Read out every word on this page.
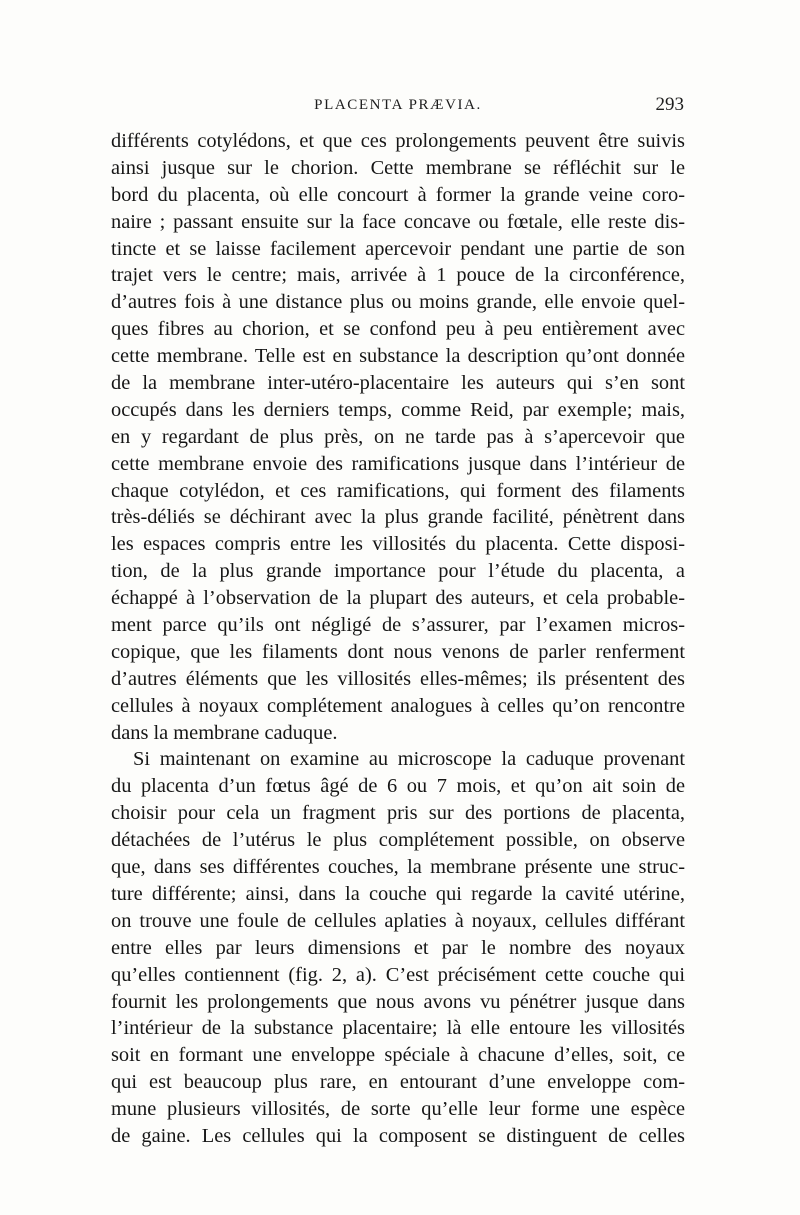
PLACENTA PRÆVIA.	293
différents cotylédons, et que ces prolongements peuvent être suivis
ainsi jusque sur le chorion. Cette membrane se réfléchit sur le
bord du placenta, où elle concourt à former la grande veine coro-
naire ; passant ensuite sur la face concave ou fœtale, elle reste dis-
tincte et se laisse facilement apercevoir pendant une partie de son
trajet vers le centre; mais, arrivée à 1 pouce de la circonférence,
d’autres fois à une distance plus ou moins grande, elle envoie quel-
ques fibres au chorion, et se confond peu à peu entièrement avec
cette membrane. Telle est en substance la description qu’ont donnée
de la membrane inter-utéro-placentaire les auteurs qui s’en sont
occupés dans les derniers temps, comme Reid, par exemple; mais,
en y regardant de plus près, on ne tarde pas à s’apercevoir que
cette membrane envoie des ramifications jusque dans l’intérieur de
chaque cotylédon, et ces ramifications, qui forment des filaments
très-déliés se déchirant avec la plus grande facilité, pénètrent dans
les espaces compris entre les villosités du placenta. Cette disposi-
tion, de la plus grande importance pour l’étude du placenta, a
échappé à l’observation de la plupart des auteurs, et cela probable-
ment parce qu’ils ont négligé de s’assurer, par l’examen micros-
copique, que les filaments dont nous venons de parler renferment
d’autres éléments que les villosités elles-mêmes; ils présentent des
cellules à noyaux complétement analogues à celles qu’on rencontre
dans la membrane caduque.
Si maintenant on examine au microscope la caduque provenant
du placenta d’un fœtus âgé de 6 ou 7 mois, et qu’on ait soin de
choisir pour cela un fragment pris sur des portions de placenta,
détachées de l’utérus le plus complétement possible, on observe
que, dans ses différentes couches, la membrane présente une struc-
ture différente; ainsi, dans la couche qui regarde la cavité utérine,
on trouve une foule de cellules aplaties à noyaux, cellules différant
entre elles par leurs dimensions et par le nombre des noyaux
qu’elles contiennent (fig. 2, a). C’est précisément cette couche qui
fournit les prolongements que nous avons vu pénétrer jusque dans
l’intérieur de la substance placentaire; là elle entoure les villosités
soit en formant une enveloppe spéciale à chacune d’elles, soit, ce
qui est beaucoup plus rare, en entourant d’une enveloppe com-
mune plusieurs villosités, de sorte qu’elle leur forme une espèce
de gaine. Les cellules qui la composent se distinguent de celles
